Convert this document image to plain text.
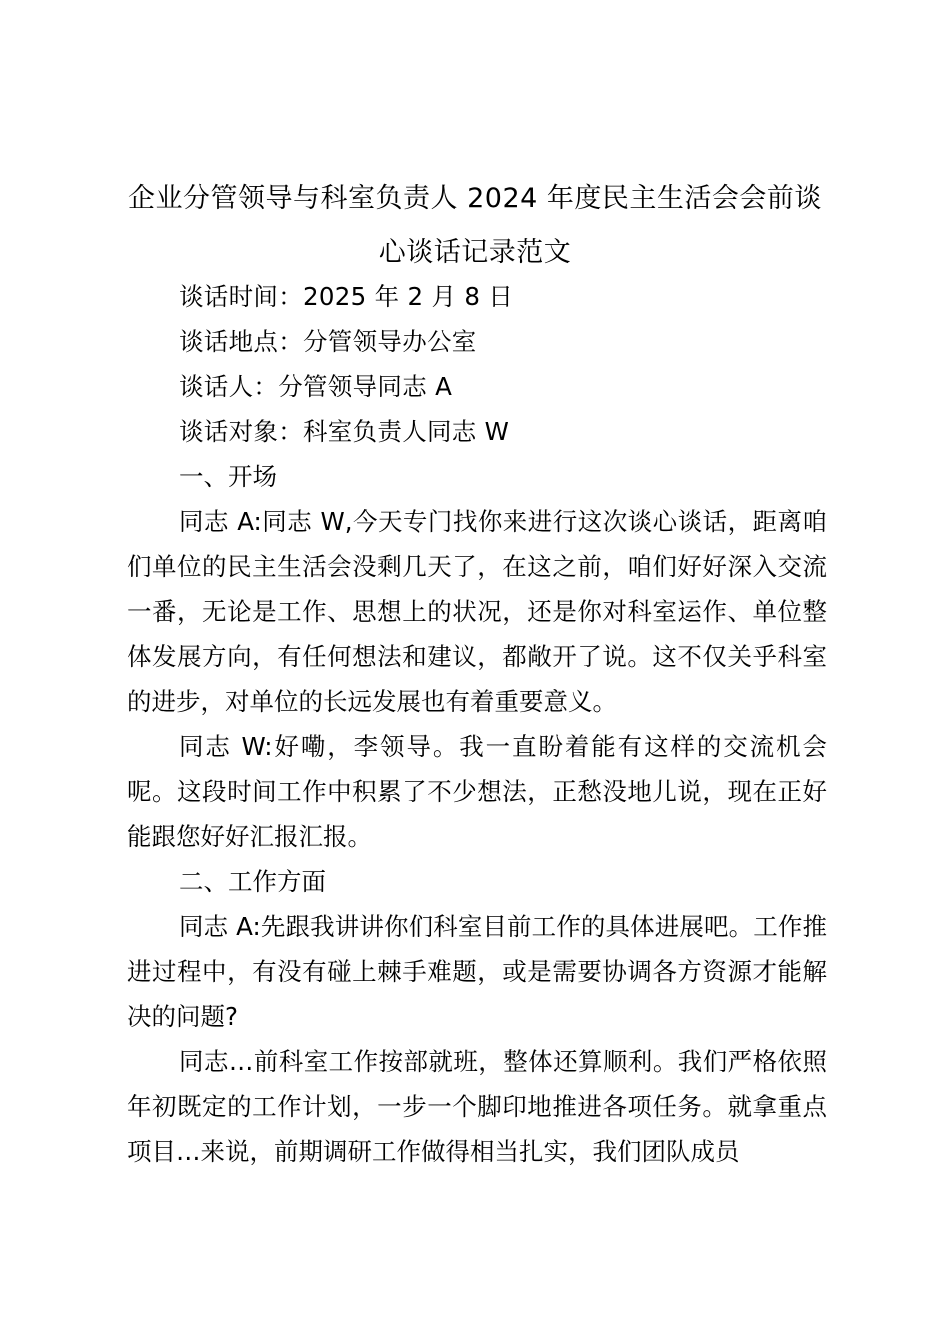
企业分管领导与科室负责人 2024 年度民主生活会会前谈心谈话记录范文

谈话时间：2025 年 2 月 8 日

谈话地点：分管领导办公室

谈话人：分管领导同志 A

谈话对象：科室负责人同志 W

一、开场

同志 A:同志 W,今天专门找你来进行这次谈心谈话，距离咱们单位的民主生活会没剩几天了，在这之前，咱们好好深入交流一番，无论是工作、思想上的状况，还是你对科室运作、单位整体发展方向，有任何想法和建议，都敞开了说。这不仅关乎科室的进步，对单位的长远发展也有着重要意义。

同志 W:好嘞，李领导。我一直盼着能有这样的交流机会呢。这段时间工作中积累了不少想法，正愁没地儿说，现在正好能跟您好好汇报汇报。

二、工作方面

同志 A:先跟我讲讲你们科室目前工作的具体进展吧。工作推进过程中，有没有碰上棘手难题，或是需要协调各方资源才能解决的问题?

同志…前科室工作按部就班，整体还算顺利。我们严格依照年初既定的工作计划，一步一个脚印地推进各项任务。就拿重点项目…来说，前期调研工作做得相当扎实，我们团队成员
